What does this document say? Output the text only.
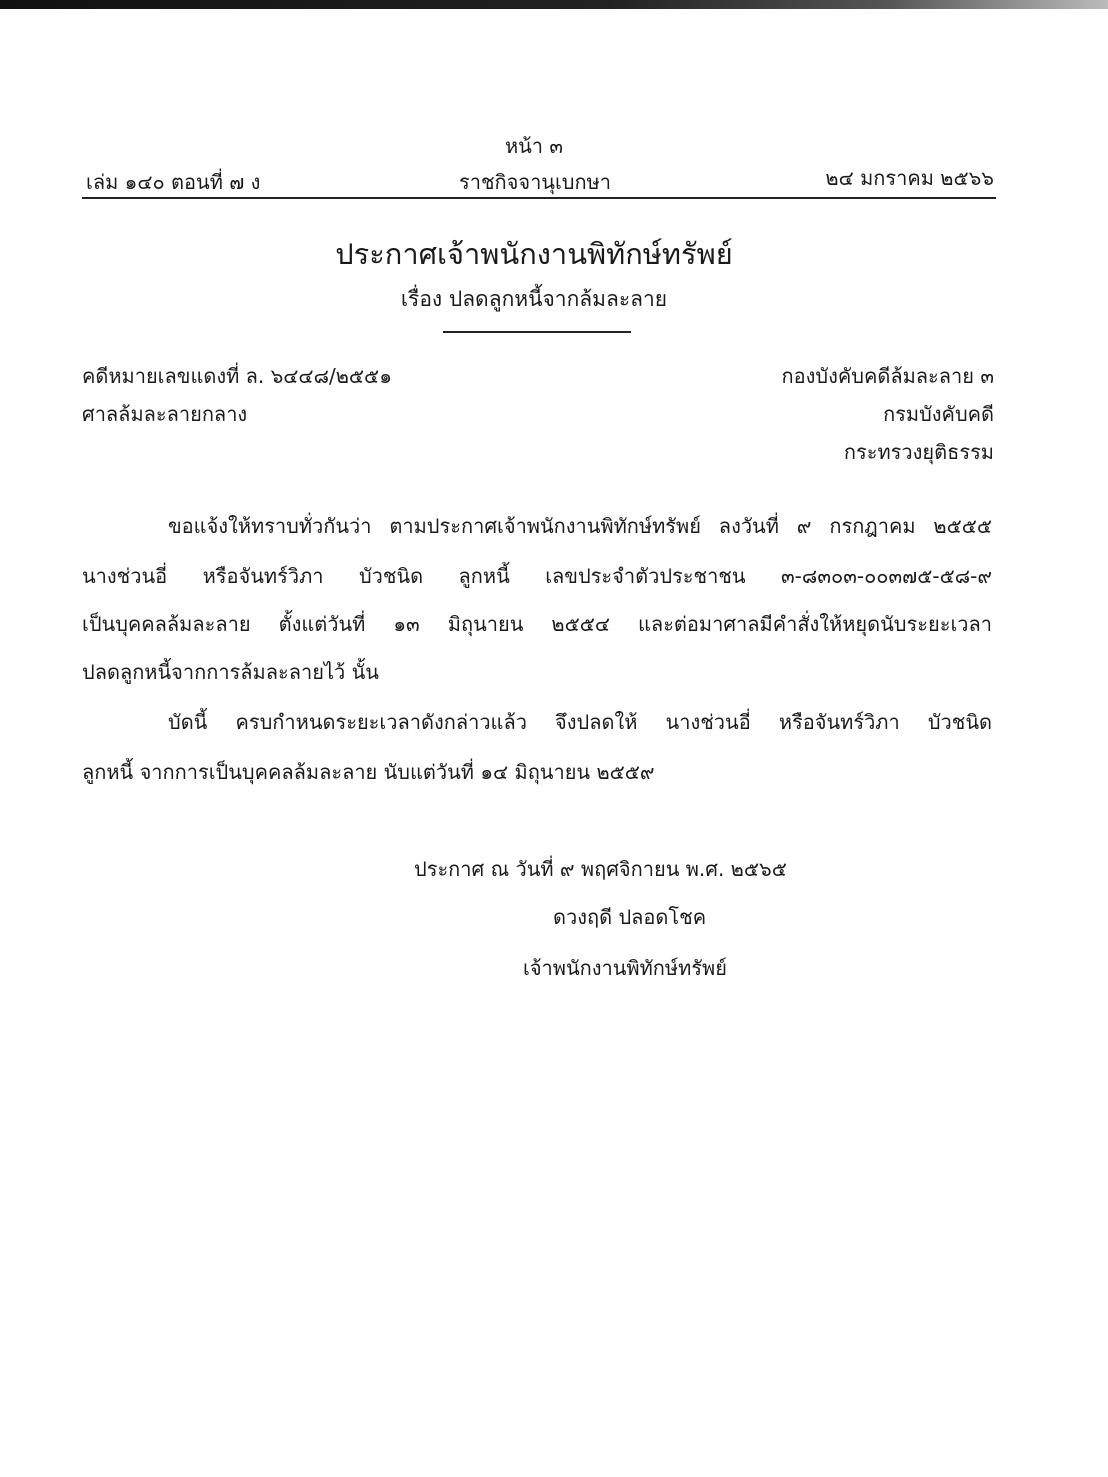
หน้า ๓
เล่ม ๑๔๐ ตอนที่ ๗ ง	ราชกิจจานุเบกษา	๒๔ มกราคม ๒๕๖๖
ประกาศเจ้าพนักงานพิทักษ์ทรัพย์
เรื่อง ปลดลูกหนี้จากล้มละลาย
คดีหมายเลขแดงที่ ล. ๖๔๔๘/๒๕๕๑
ศาลล้มละลายกลาง
กองบังคับคดีล้มละลาย ๓
กรมบังคับคดี
กระทรวงยุติธรรม
ขอแจ้งให้ทราบทั่วกันว่า ตามประกาศเจ้าพนักงานพิทักษ์ทรัพย์ ลงวันที่ ๙ กรกฎาคม ๒๕๕๕
นางช่วนอี่ หรือจันทร์วิภา บัวชนิด ลูกหนี้ เลขประจำตัวประชาชน ๓-๘๓๐๓-๐๐๓๗๕-๕๘-๙
เป็นบุคคลล้มละลาย ตั้งแต่วันที่ ๑๓ มิถุนายน ๒๕๕๔ และต่อมาศาลมีคำสั่งให้หยุดนับระยะเวลา
ปลดลูกหนี้จากการล้มละลายไว้ นั้น
บัดนี้ ครบกำหนดระยะเวลาดังกล่าวแล้ว จึงปลดให้ นางช่วนอี่ หรือจันทร์วิภา บัวชนิด
ลูกหนี้ จากการเป็นบุคคลล้มละลาย นับแต่วันที่ ๑๔ มิถุนายน ๒๕๕๙
ประกาศ ณ วันที่ ๙ พฤศจิกายน พ.ศ. ๒๕๖๕
ดวงฤดี ปลอดโชค
เจ้าพนักงานพิทักษ์ทรัพย์
